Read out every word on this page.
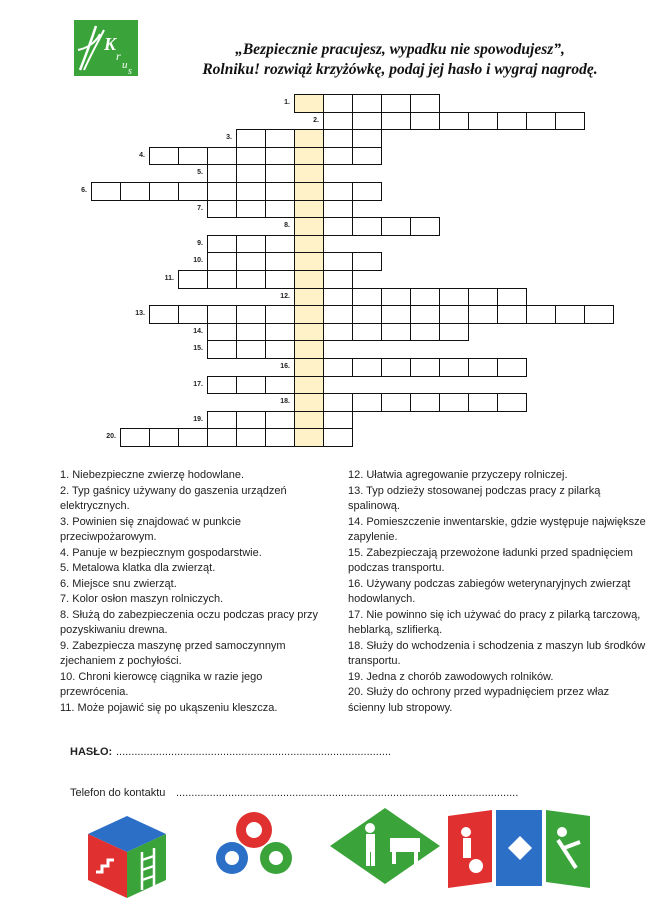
K
r
u
s
„Bezpiecznie pracujesz, wypadku nie spowodujesz”,
Rolniku! rozwiąż krzyżówkę, podaj jej hasło i wygraj nagrodę.
1.
2.
3.
4.
5.
6.
7.
8.
9.
10.
11.
12.
13.
14.
15.
16.
17.
18.
19.
20.
1. Niebezpieczne zwierzę hodowlane.
2. Typ gaśnicy używany do gaszenia urządzeń elektrycznych.
3. Powinien się znajdować w punkcie przeciwpożarowym.
4. Panuje w bezpiecznym gospodarstwie.
5. Metalowa klatka dla zwierząt.
6. Miejsce snu zwierząt.
7. Kolor osłon maszyn rolniczych.
8. Służą do zabezpieczenia oczu podczas pracy przy pozyskiwaniu drewna.
9. Zabezpiecza maszynę przed samoczynnym zjechaniem z pochyłości.
10. Chroni kierowcę ciągnika w razie jego przewrócenia.
11. Może pojawić się po ukąszeniu kleszcza.
12. Ułatwia agregowanie przyczepy rolniczej.
13. Typ odzieży stosowanej podczas pracy z pilarką spalinową.
14. Pomieszczenie inwentarskie, gdzie występuje największe zapylenie.
15. Zabezpieczają przewożone ładunki przed spadnięciem podczas transportu.
16. Używany podczas zabiegów weterynaryjnych zwierząt hodowlanych.
17. Nie powinno się ich używać do pracy z pilarką tarczową, heblarką, szlifierką.
18. Służy do wchodzenia i schodzenia z maszyn lub środków transportu.
19. Jedna z chorób zawodowych rolników.
20. Służy do ochrony przed wypadnięciem przez właz ścienny lub stropowy.
HASŁO: ..........................................................................................
Telefon do kontaktu ................................................................................................................
